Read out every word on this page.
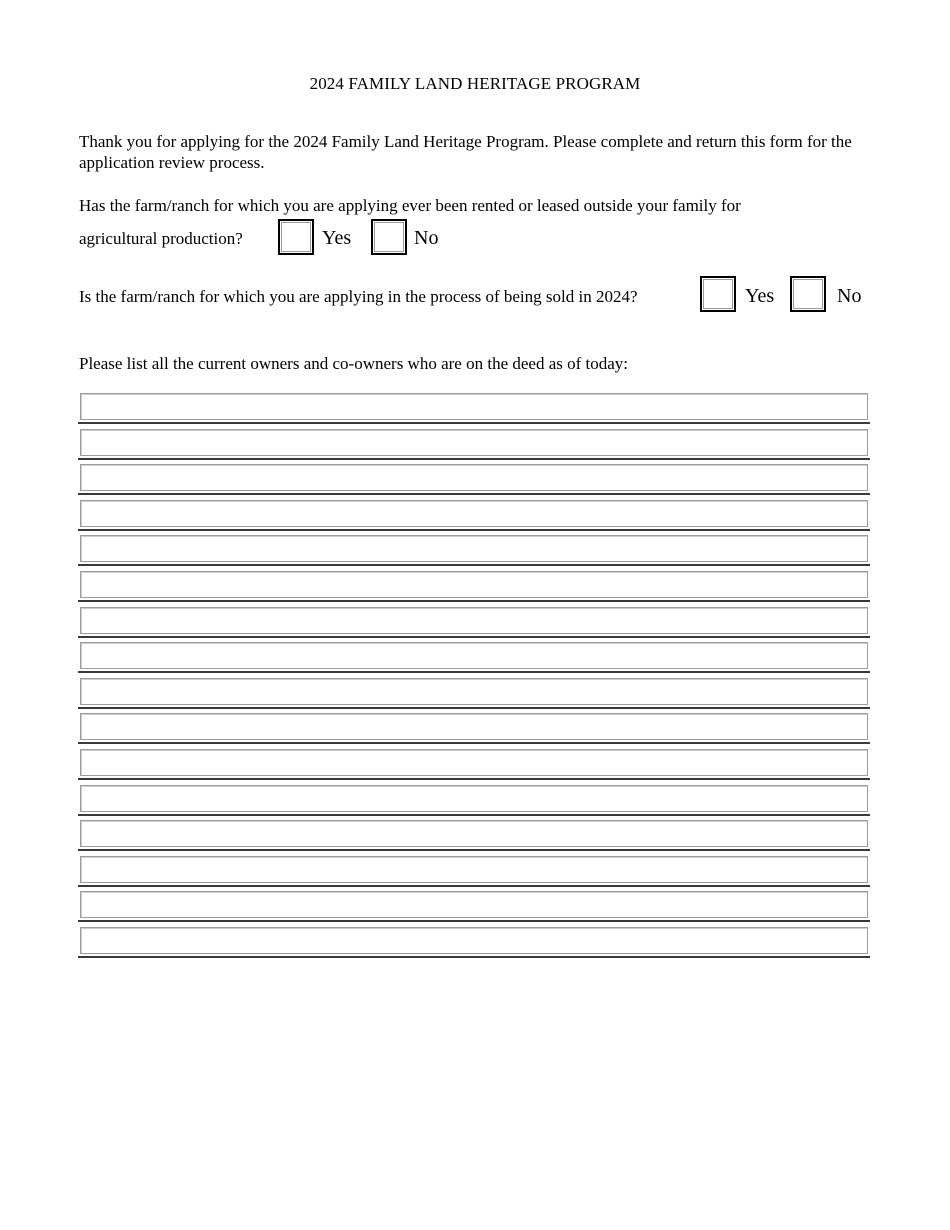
2024 FAMILY LAND HERITAGE PROGRAM
Thank you for applying for the 2024 Family Land Heritage Program. Please complete and return this form for the application review process.
Has the farm/ranch for which you are applying ever been rented or leased outside your family for
agricultural production?	Yes	No
Is the farm/ranch for which you are applying in the process of being sold in 2024?	Yes	No
Please list all the current owners and co-owners who are on the deed as of today:
